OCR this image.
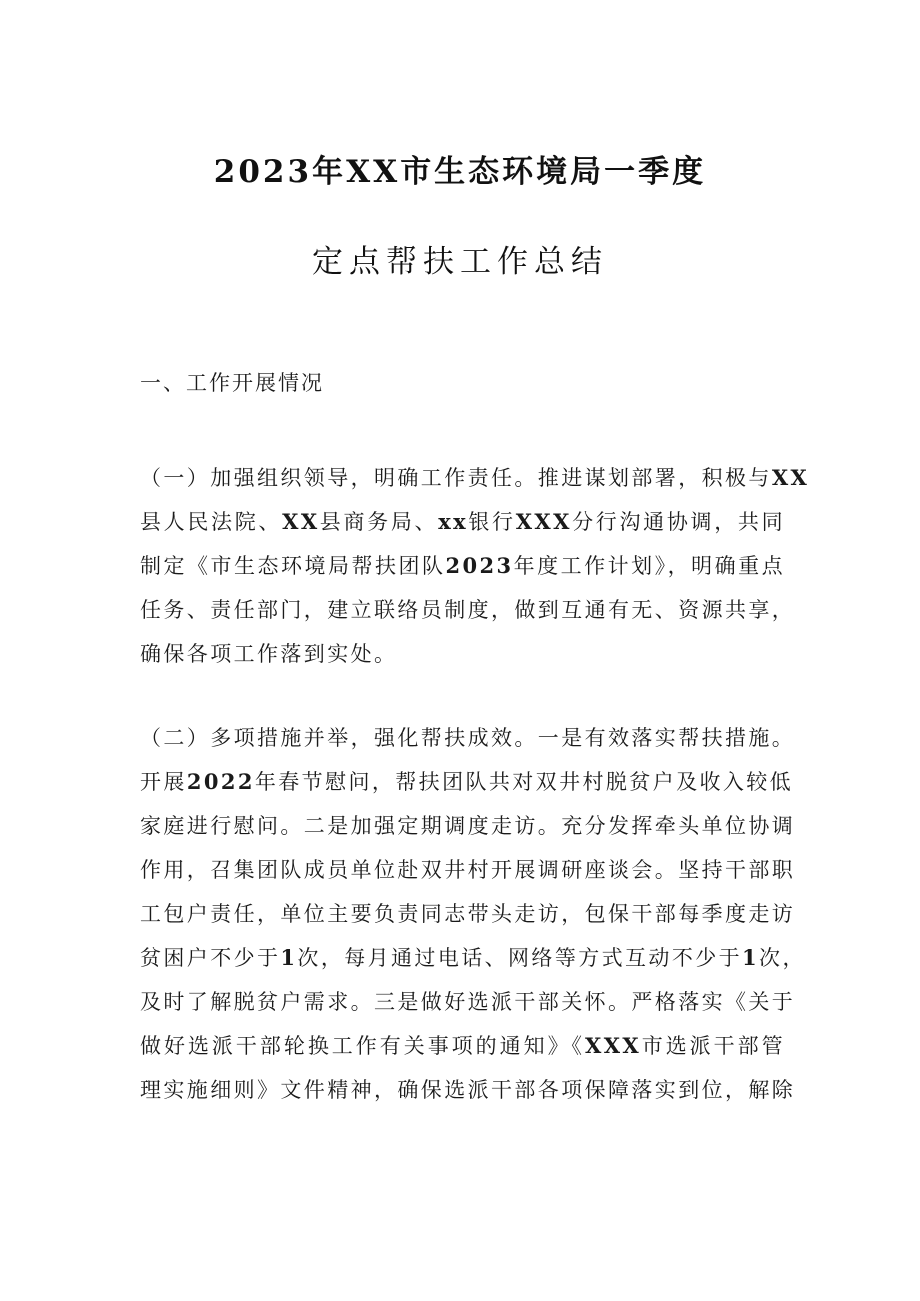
2023年XX市生态环境局一季度
定点帮扶工作总结
一、工作开展情况
（一）加强组织领导，明确工作责任。推进谋划部署，积极与XX
县人民法院、XX县商务局、xx银行XXX分行沟通协调，共同
制定《市生态环境局帮扶团队2023年度工作计划》，明确重点
任务、责任部门，建立联络员制度，做到互通有无、资源共享，
确保各项工作落到实处。
（二）多项措施并举，强化帮扶成效。一是有效落实帮扶措施。
开展2022年春节慰问，帮扶团队共对双井村脱贫户及收入较低
家庭进行慰问。二是加强定期调度走访。充分发挥牵头单位协调
作用，召集团队成员单位赴双井村开展调研座谈会。坚持干部职
工包户责任，单位主要负责同志带头走访，包保干部每季度走访
贫困户不少于1次，每月通过电话、网络等方式互动不少于1次，
及时了解脱贫户需求。三是做好选派干部关怀。严格落实《关于
做好选派干部轮换工作有关事项的通知》《XXX市选派干部管
理实施细则》文件精神，确保选派干部各项保障落实到位，解除
